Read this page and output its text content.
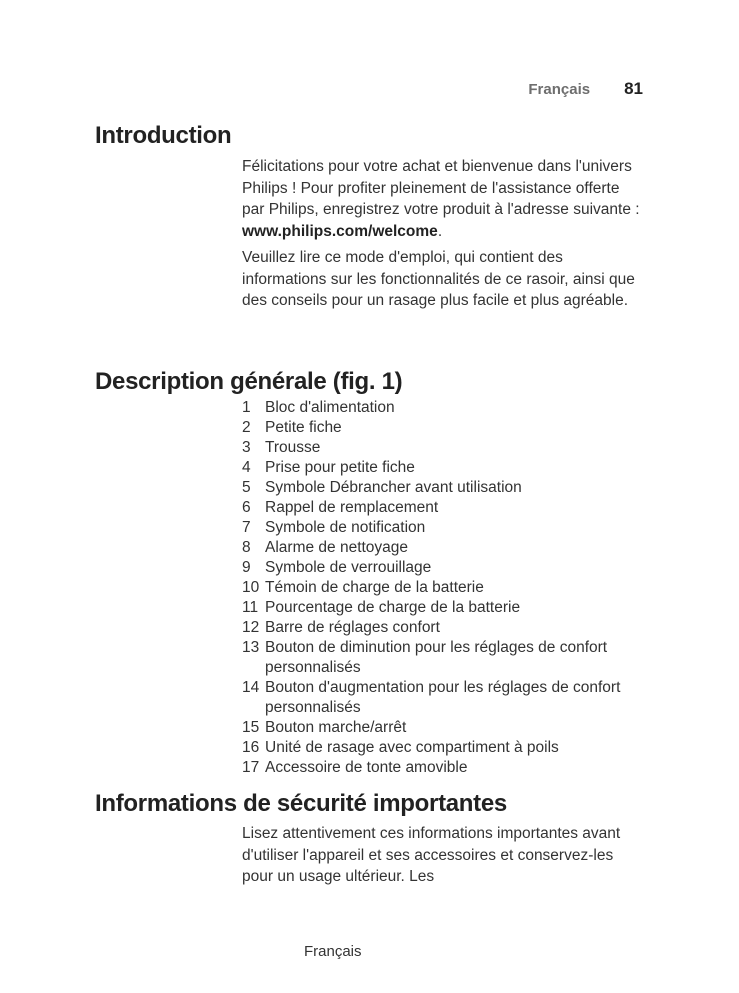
Français 81
Introduction

Félicitations pour votre achat et bienvenue dans l'univers Philips ! Pour profiter pleinement de l'assistance offerte par Philips, enregistrez votre produit à l'adresse suivante :
www.philips.com/welcome.

Veuillez lire ce mode d'emploi, qui contient des informations sur les fonctionnalités de ce rasoir, ainsi que des conseils pour un rasage plus facile et plus agréable.

Description générale (fig. 1)
1 Bloc d'alimentation
2 Petite fiche
3 Trousse
4 Prise pour petite fiche
5 Symbole Débrancher avant utilisation
6 Rappel de remplacement
7 Symbole de notification
8 Alarme de nettoyage
9 Symbole de verrouillage
10 Témoin de charge de la batterie
11 Pourcentage de charge de la batterie
12 Barre de réglages confort
13 Bouton de diminution pour les réglages de confort personnalisés
14 Bouton d'augmentation pour les réglages de confort personnalisés
15 Bouton marche/arrêt
16 Unité de rasage avec compartiment à poils
17 Accessoire de tonte amovible
Informations de sécurité importantes

Lisez attentivement ces informations importantes avant d'utiliser l'appareil et ses accessoires et conservez-les pour un usage ultérieur. Les

Français
